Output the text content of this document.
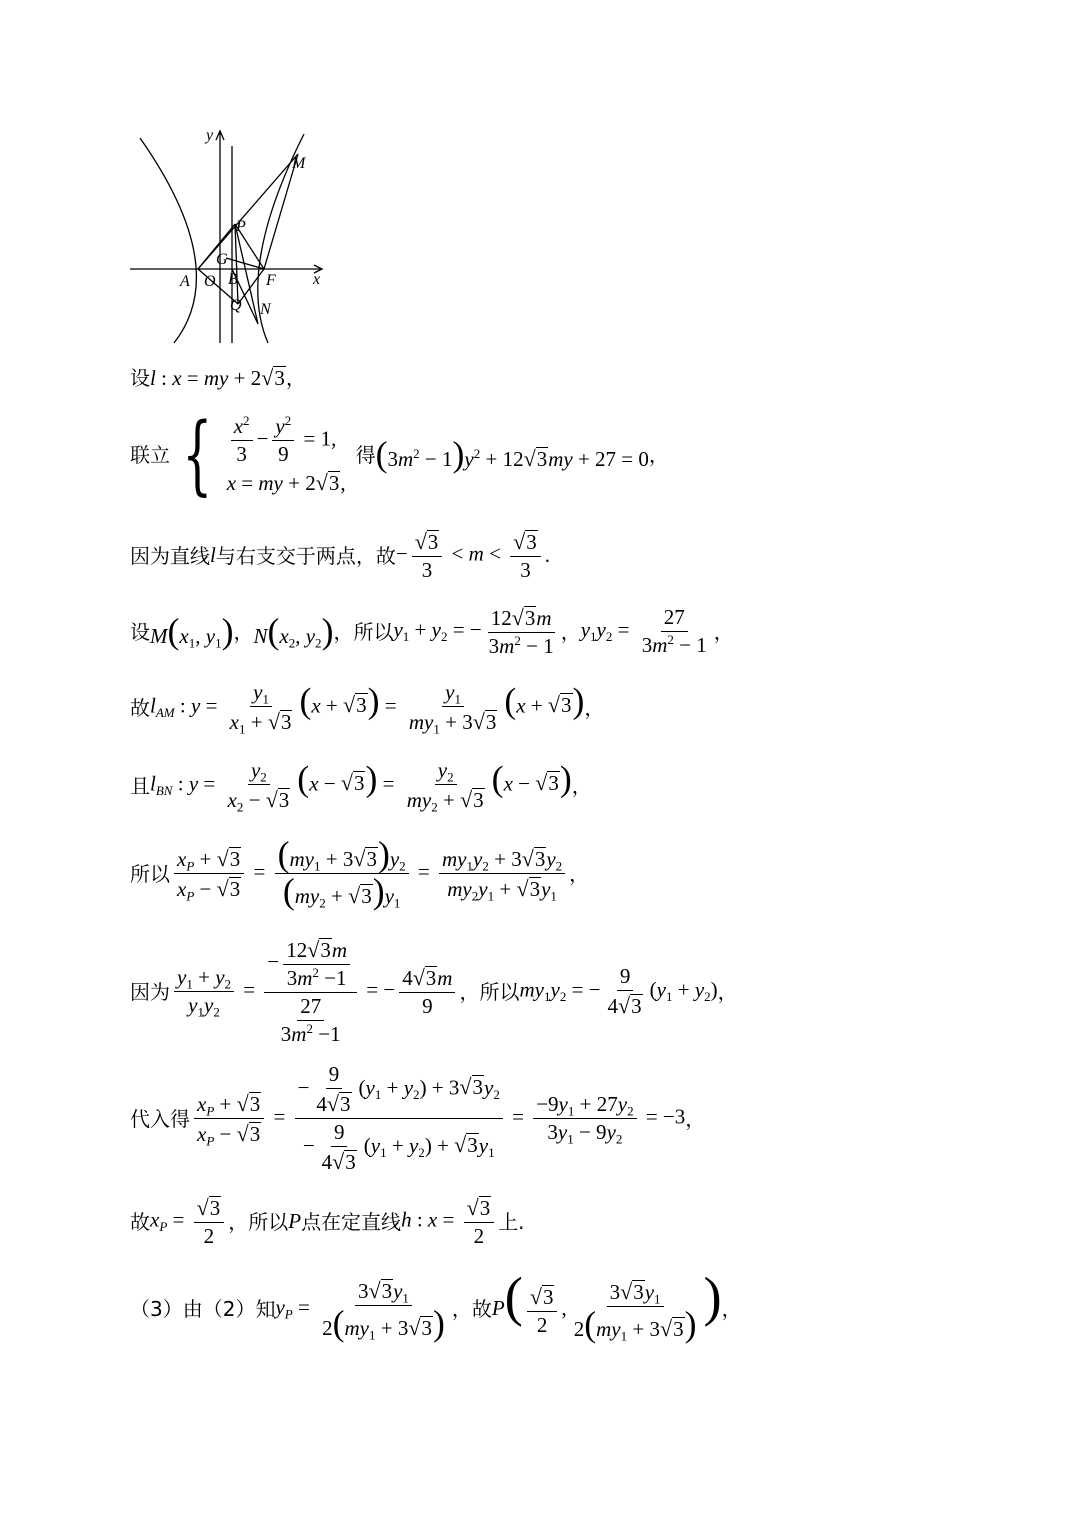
y
M
P
G
A O B F x
Q N
设 l : x = my + 2 √ 3 ，
联立 { $\frac{x^2}{3} - \frac{y^2}{9} = 1$,
x = my + 2 √ 3 ,
得 $(3m^2 - 1)y^2 + 12$ √ 3 my + 27 = 0 ，
因为直线 l 与右支交于两点，故 − $\frac{√ 3}{3} < m < \frac{√ 3}{3}$ .
设 $M(x_1$, $y_1$) ， $N(x_2$, $y_2$) ，所以 $y_1 + y_2$ = − $\frac{12 √ 3 m}{3m^2 - 1}$ ， $y_1y_2 = \frac{27}{3m^2 - 1}$ ，
故 $l_{AM}$ : $y = \frac{y_1}{x_1 + √ 3} (x$ + √ 3 ) = $\frac{y_1}{my_1 + 3 √ 3} (x$ + √ 3 ) ，
且 $l_{BN}$ : $y = \frac{y_2}{x_2 - √ 3} (x$ − √ 3 ) = $\frac{y_2}{my_2 + √ 3} (x$ − √ 3 ) ，
所以 $\frac{x_P + √ 3}{x_P - √ 3} = \frac{(my_1 + 3 √ 3 )y_2}{(my_2 + √ 3 )y_1} = \frac{my_1y_2 + 3 √ 3 y_2}{my_2y_1 + √ 3 y_1}$ ，
因为 $\frac{y_1 + y_2}{y_1y_2} = \frac{- \frac{12 √ 3 m}{3m^2 -1}}{\frac{27}{3m^2 -1}}$ = − $\frac{4 √ 3 m}{9}$ ，所以 $my_1y_2$ = − $\frac{9}{4 √ 3} (y_1 + y_2)$ ，
代入得 $\frac{x_P + √ 3}{x_P - √ 3} = \frac{- \frac{9}{4 √ 3} (y_1 + y_2) + 3 √ 3 y_2}{- \frac{9}{4 √ 3} (y_1 + y_2) + √ 3 y_1} = \frac{-9y_1 + 27y_2}{3y_1 - 9y_2} = -3$ ，
故 $x_P = \frac{√ 3}{2}$ ，所以 P 点在定直线 h : $x = \frac{√ 3}{2}$ 上.
（3）由（2）知 $y_P = \frac{3 √ 3 y_1}{2(my_1 + 3 √ 3 )}$ ，故 $P( \frac{√ 3}{2}$ , $\frac{3 √ 3 y_1}{2(my_1 + 3 √ 3 )}$ ) ，
